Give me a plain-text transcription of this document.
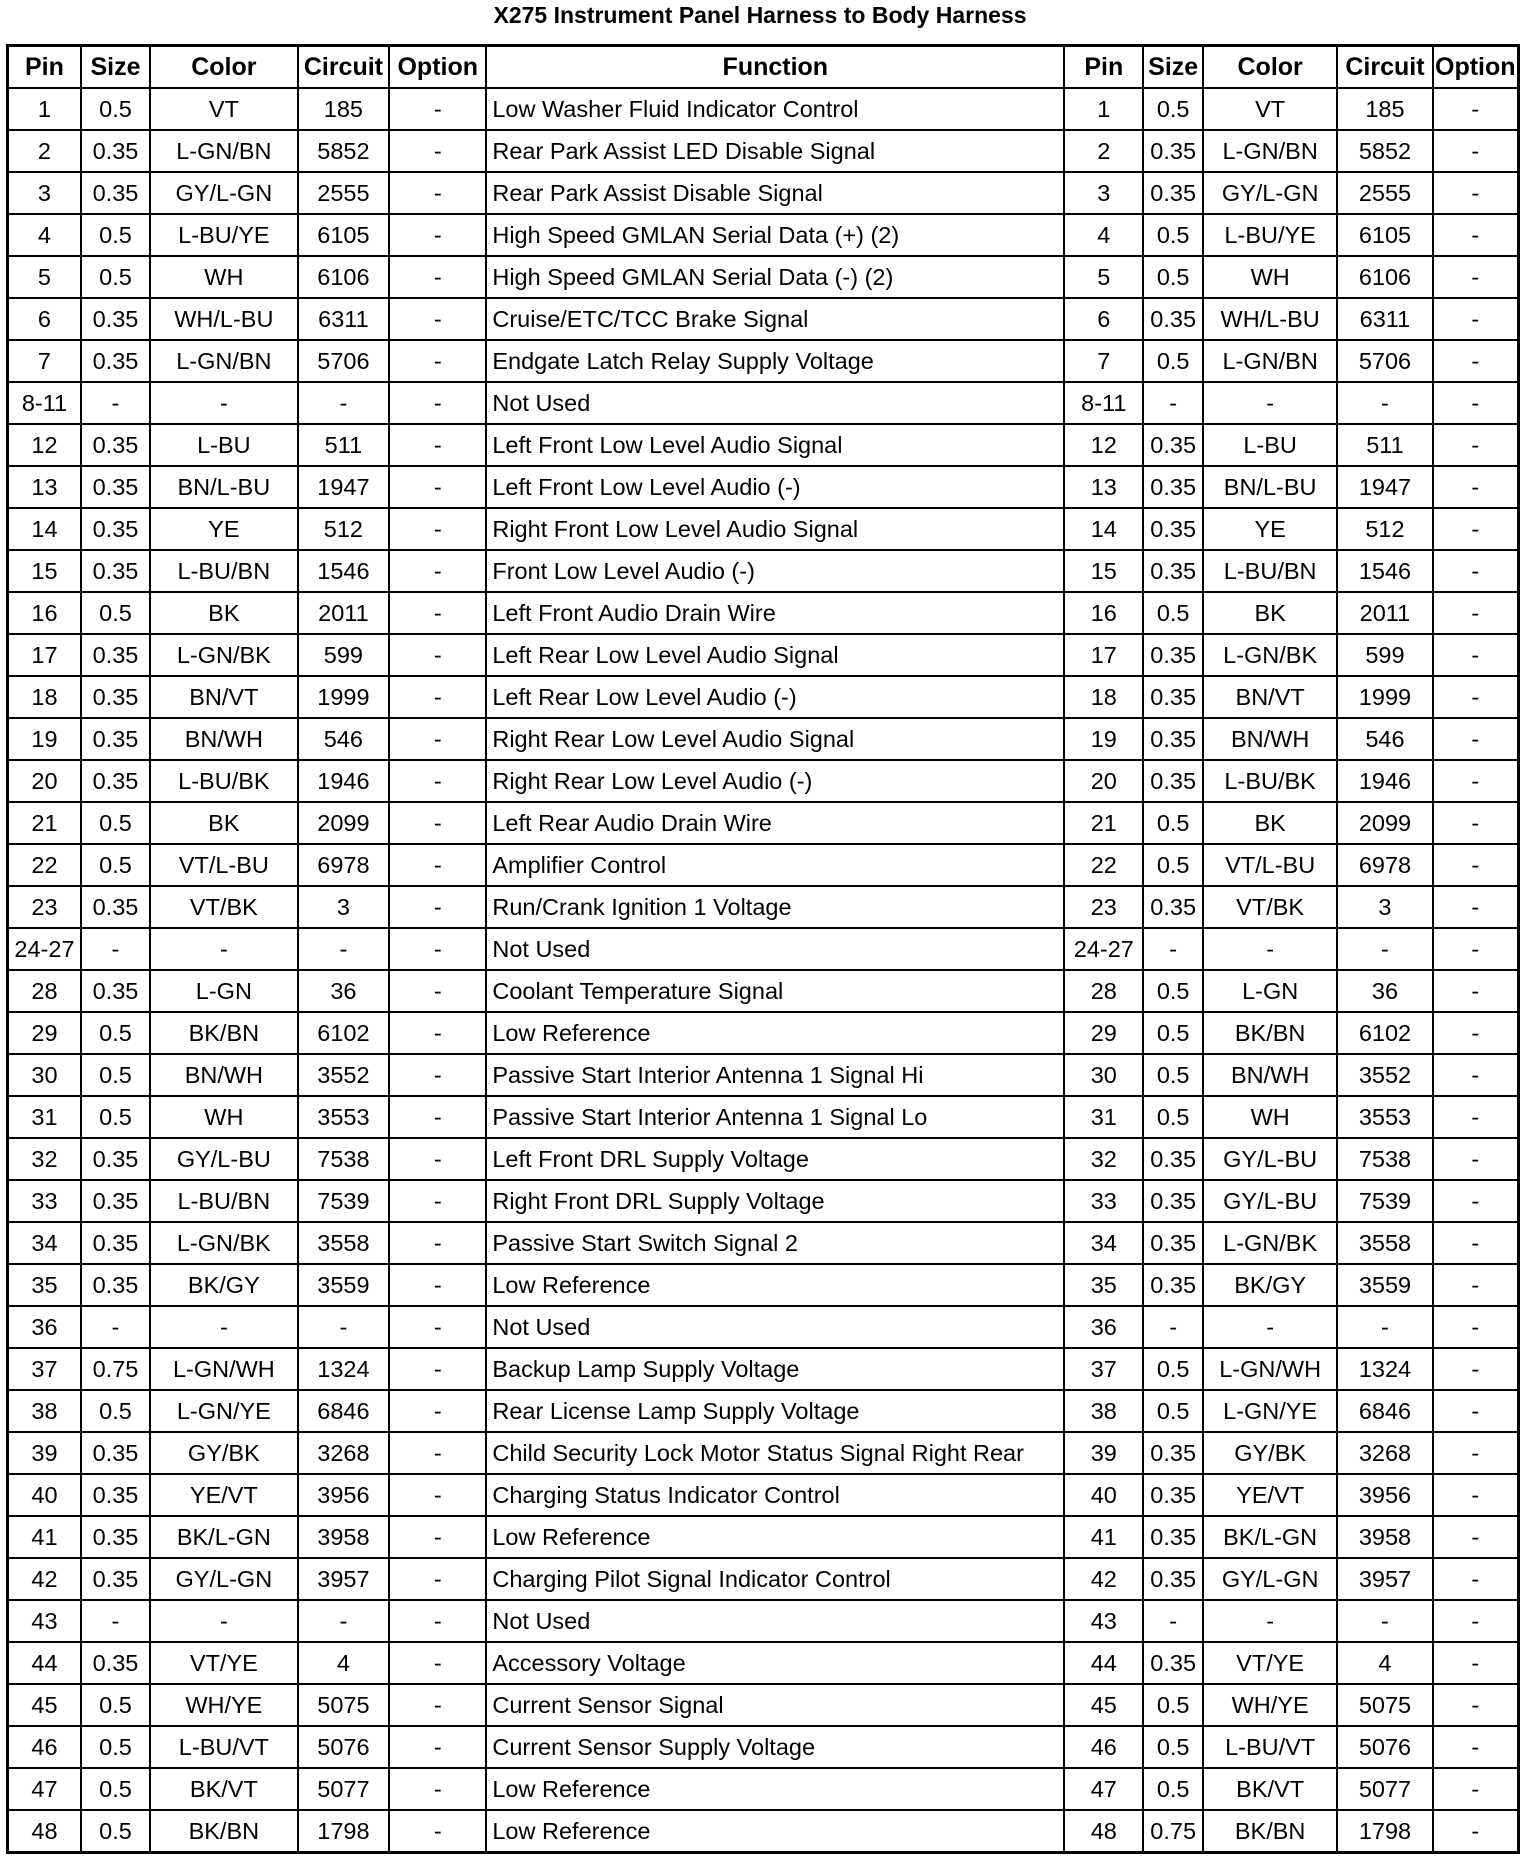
X275 Instrument Panel Harness to Body Harness
Pin	Size	Color	Circuit	Option	Function	Pin	Size	Color	Circuit	Option
1	0.5	VT	185	-	Low Washer Fluid Indicator Control	1	0.5	VT	185	-
2	0.35	L-GN/BN	5852	-	Rear Park Assist LED Disable Signal	2	0.35	L-GN/BN	5852	-
3	0.35	GY/L-GN	2555	-	Rear Park Assist Disable Signal	3	0.35	GY/L-GN	2555	-
4	0.5	L-BU/YE	6105	-	High Speed GMLAN Serial Data (+) (2)	4	0.5	L-BU/YE	6105	-
5	0.5	WH	6106	-	High Speed GMLAN Serial Data (-) (2)	5	0.5	WH	6106	-
6	0.35	WH/L-BU	6311	-	Cruise/ETC/TCC Brake Signal	6	0.35	WH/L-BU	6311	-
7	0.35	L-GN/BN	5706	-	Endgate Latch Relay Supply Voltage	7	0.5	L-GN/BN	5706	-
8-11	-	-	-	-	Not Used	8-11	-	-	-	-
12	0.35	L-BU	511	-	Left Front Low Level Audio Signal	12	0.35	L-BU	511	-
13	0.35	BN/L-BU	1947	-	Left Front Low Level Audio (-)	13	0.35	BN/L-BU	1947	-
14	0.35	YE	512	-	Right Front Low Level Audio Signal	14	0.35	YE	512	-
15	0.35	L-BU/BN	1546	-	Front Low Level Audio (-)	15	0.35	L-BU/BN	1546	-
16	0.5	BK	2011	-	Left Front Audio Drain Wire	16	0.5	BK	2011	-
17	0.35	L-GN/BK	599	-	Left Rear Low Level Audio Signal	17	0.35	L-GN/BK	599	-
18	0.35	BN/VT	1999	-	Left Rear Low Level Audio (-)	18	0.35	BN/VT	1999	-
19	0.35	BN/WH	546	-	Right Rear Low Level Audio Signal	19	0.35	BN/WH	546	-
20	0.35	L-BU/BK	1946	-	Right Rear Low Level Audio (-)	20	0.35	L-BU/BK	1946	-
21	0.5	BK	2099	-	Left Rear Audio Drain Wire	21	0.5	BK	2099	-
22	0.5	VT/L-BU	6978	-	Amplifier Control	22	0.5	VT/L-BU	6978	-
23	0.35	VT/BK	3	-	Run/Crank Ignition 1 Voltage	23	0.35	VT/BK	3	-
24-27	-	-	-	-	Not Used	24-27	-	-	-	-
28	0.35	L-GN	36	-	Coolant Temperature Signal	28	0.5	L-GN	36	-
29	0.5	BK/BN	6102	-	Low Reference	29	0.5	BK/BN	6102	-
30	0.5	BN/WH	3552	-	Passive Start Interior Antenna 1 Signal Hi	30	0.5	BN/WH	3552	-
31	0.5	WH	3553	-	Passive Start Interior Antenna 1 Signal Lo	31	0.5	WH	3553	-
32	0.35	GY/L-BU	7538	-	Left Front DRL Supply Voltage	32	0.35	GY/L-BU	7538	-
33	0.35	L-BU/BN	7539	-	Right Front DRL Supply Voltage	33	0.35	GY/L-BU	7539	-
34	0.35	L-GN/BK	3558	-	Passive Start Switch Signal 2	34	0.35	L-GN/BK	3558	-
35	0.35	BK/GY	3559	-	Low Reference	35	0.35	BK/GY	3559	-
36	-	-	-	-	Not Used	36	-	-	-	-
37	0.75	L-GN/WH	1324	-	Backup Lamp Supply Voltage	37	0.5	L-GN/WH	1324	-
38	0.5	L-GN/YE	6846	-	Rear License Lamp Supply Voltage	38	0.5	L-GN/YE	6846	-
39	0.35	GY/BK	3268	-	Child Security Lock Motor Status Signal Right Rear	39	0.35	GY/BK	3268	-
40	0.35	YE/VT	3956	-	Charging Status Indicator Control	40	0.35	YE/VT	3956	-
41	0.35	BK/L-GN	3958	-	Low Reference	41	0.35	BK/L-GN	3958	-
42	0.35	GY/L-GN	3957	-	Charging Pilot Signal Indicator Control	42	0.35	GY/L-GN	3957	-
43	-	-	-	-	Not Used	43	-	-	-	-
44	0.35	VT/YE	4	-	Accessory Voltage	44	0.35	VT/YE	4	-
45	0.5	WH/YE	5075	-	Current Sensor Signal	45	0.5	WH/YE	5075	-
46	0.5	L-BU/VT	5076	-	Current Sensor Supply Voltage	46	0.5	L-BU/VT	5076	-
47	0.5	BK/VT	5077	-	Low Reference	47	0.5	BK/VT	5077	-
48	0.5	BK/BN	1798	-	Low Reference	48	0.75	BK/BN	1798	-
